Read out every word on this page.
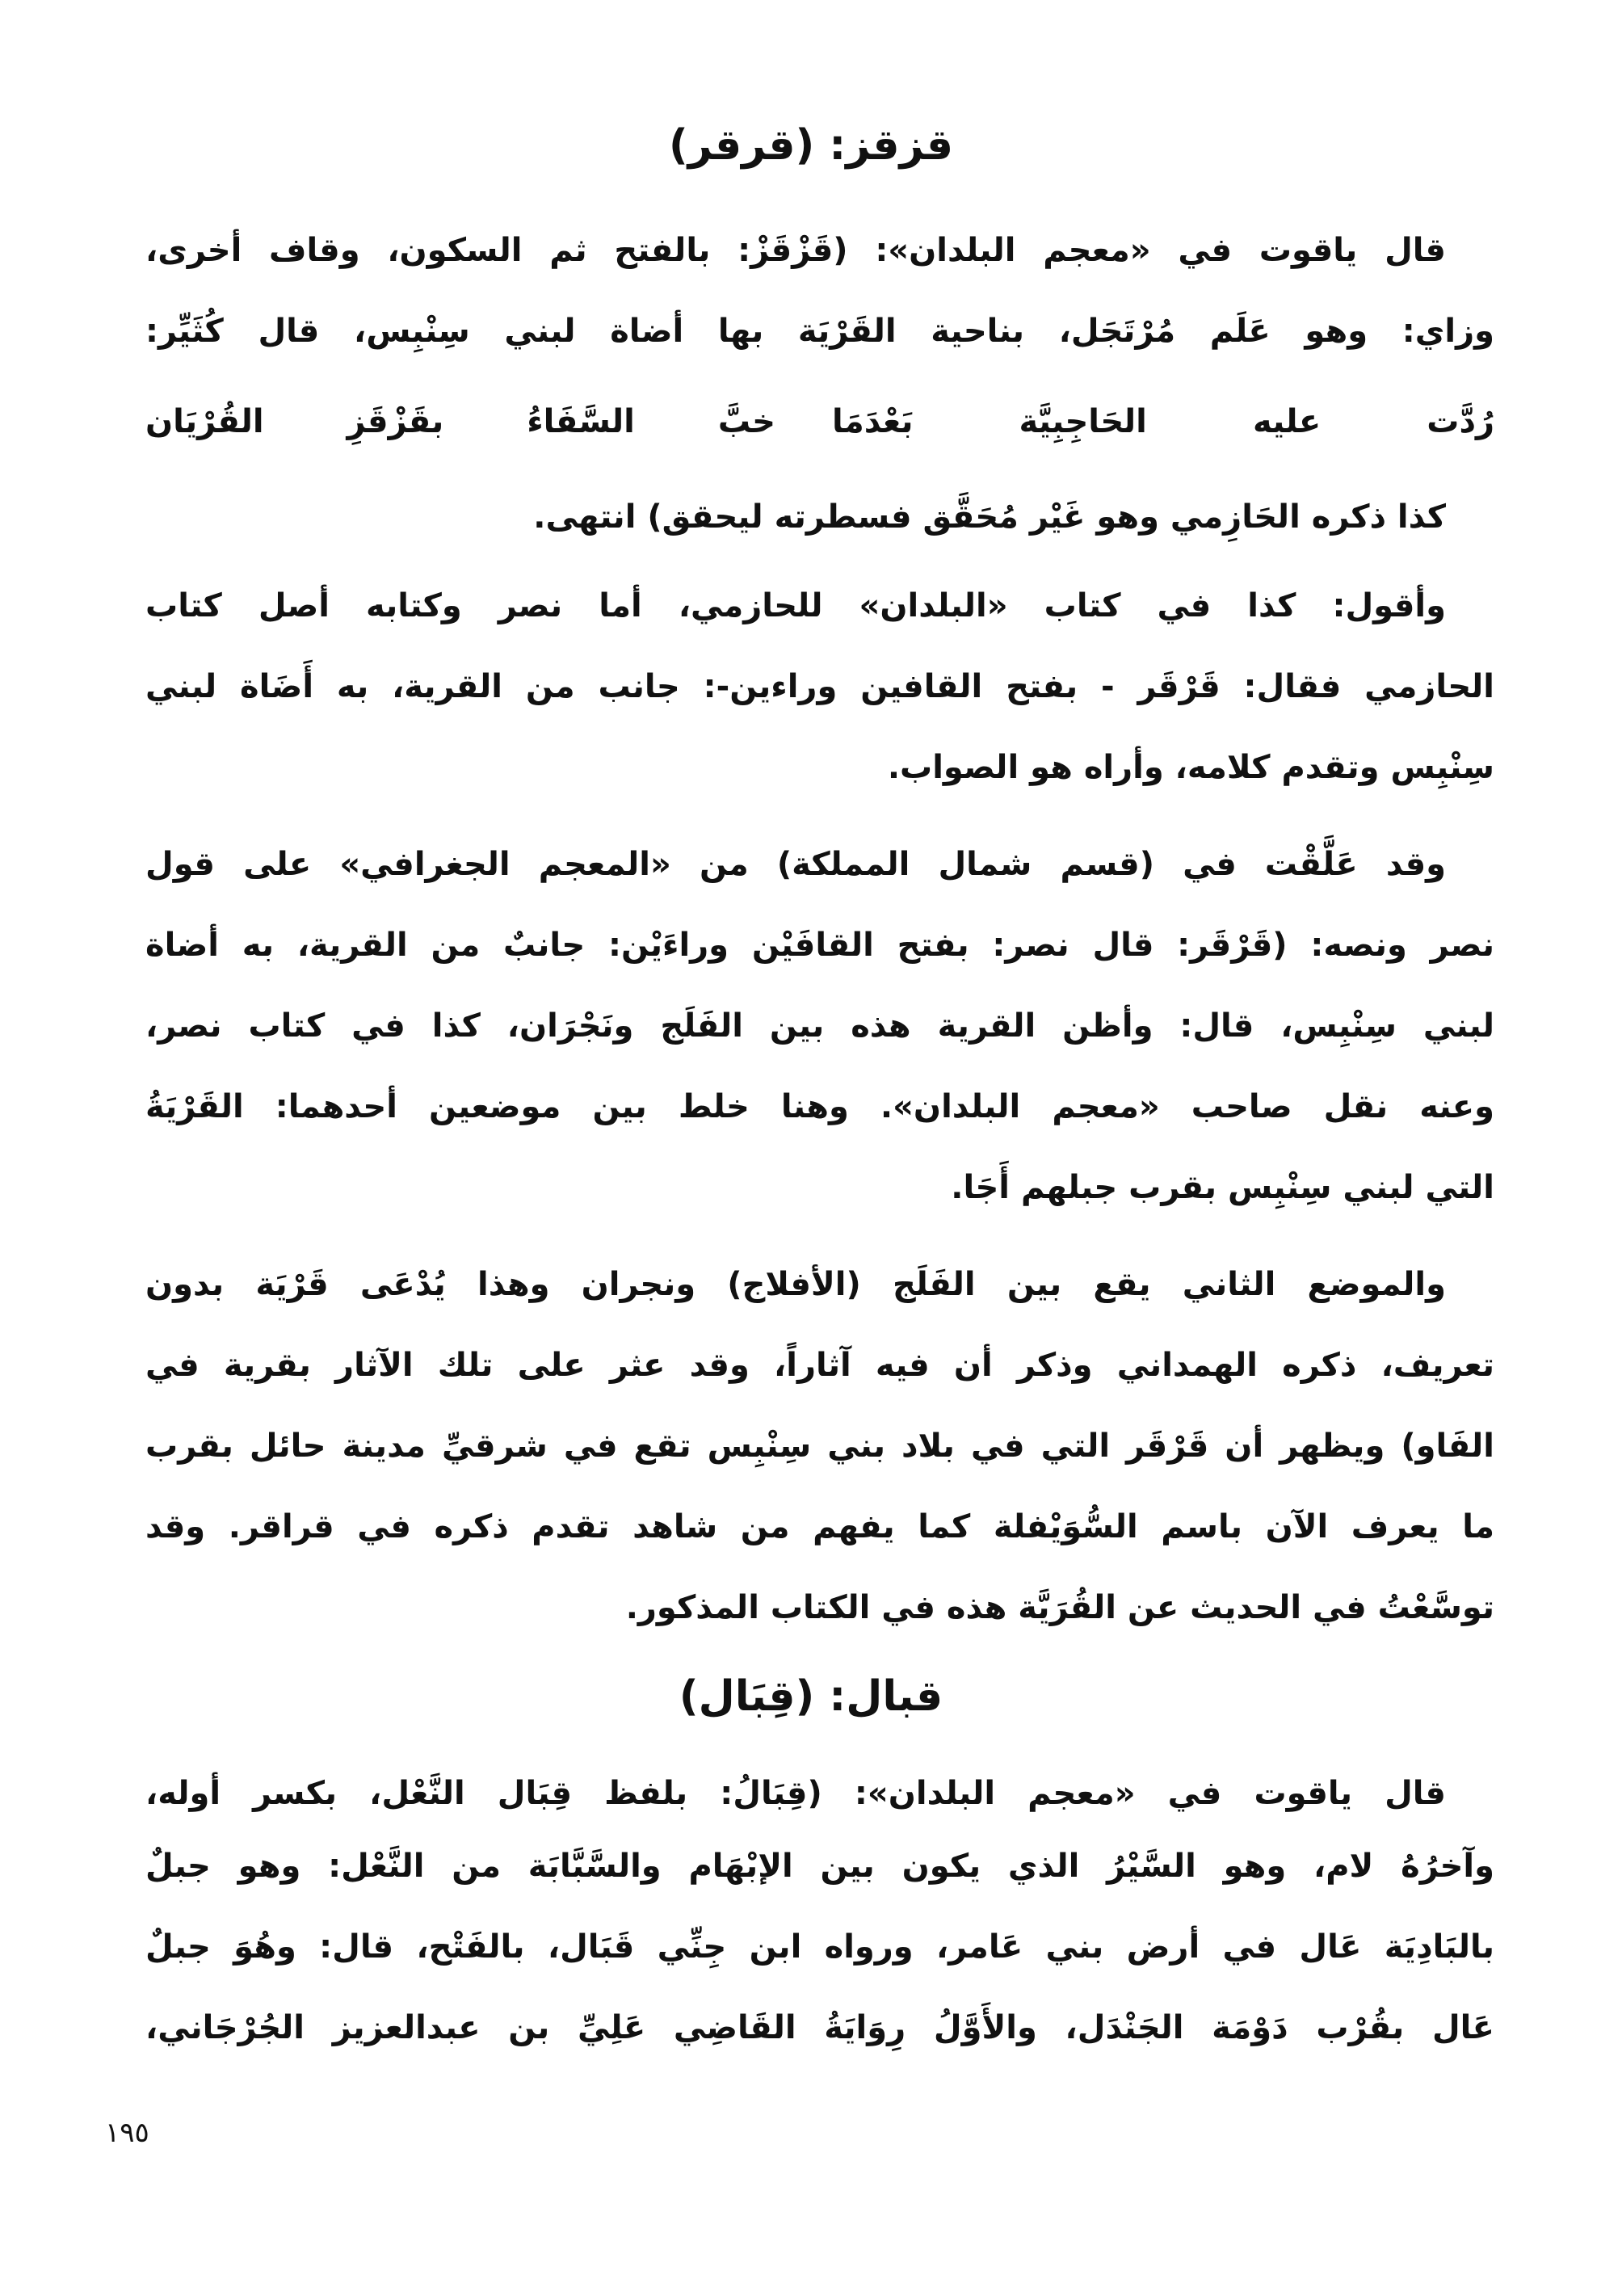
قزقز: (قرقر)
قال ياقوت في «معجم البلدان»: (قَزْقَزْ: بالفتح ثم السكون، وقاف أخرى،
وزاي: وهو عَلَم مُرْتَجَل، بناحية القَرْيَة بها أضاة لبني سِنْبِس، قال كُثَيِّر:
رُدَّت عليه الحَاجِبِيَّة بَعْدَمَا
خبَّ السَّفَاءُ بقَزْقَزِ القُرْيَان
كذا ذكره الحَازِمي وهو غَيْر مُحَقَّق فسطرته ليحقق) انتهى.
وأقول: كذا في كتاب «البلدان» للحازمي، أما نصر وكتابه أصل كتاب
الحازمي فقال: قَرْقَر - بفتح القافين وراءين-: جانب من القرية، به أَضَاة لبني
سِنْبِس وتقدم كلامه، وأراه هو الصواب.
وقد عَلَّقْت في (قسم شمال المملكة) من «المعجم الجغرافي» على قول
نصر ونصه: (قَرْقَر: قال نصر: بفتح القافَيْن وراءَيْن: جانبٌ من القرية، به أضاة
لبني سِنْبِس، قال: وأظن القرية هذه بين الفَلَج ونَجْرَان، كذا في كتاب نصر،
وعنه نقل صاحب «معجم البلدان». وهنا خلط بين موضعين أحدهما: القَرْيَةُ
التي لبني سِنْبِس بقرب جبلهم أَجَا.
والموضع الثاني يقع بين الفَلَج (الأفلاج) ونجران وهذا يُدْعَى قَرْيَة بدون
تعريف، ذكره الهمداني وذكر أن فيه آثاراً، وقد عثر على تلك الآثار بقرية في
الفَاو) ويظهر أن قَرْقَر التي في بلاد بني سِنْبِس تقع في شرقيِّ مدينة حائل بقرب
ما يعرف الآن باسم السُّوَيْفلة كما يفهم من شاهد تقدم ذكره في قراقر. وقد
توسَّعْتُ في الحديث عن القُرَيَّة هذه في الكتاب المذكور.
قبال: (قِبَال)
قال ياقوت في «معجم البلدان»: (قِبَالُ: بلفظ قِبَال النَّعْل، بكسر أوله،
وآخرُهُ لام، وهو السَّيْرُ الذي يكون بين الإبْهَام والسَّبَّابَة من النَّعْل: وهو جبلٌ
بالبَادِيَة عَال في أرض بني عَامر، ورواه ابن جِنِّي قَبَال، بالفَتْح، قال: وهُوَ جبلٌ
عَال بقُرْب دَوْمَة الجَنْدَل، والأَوَّلُ رِوَايَةُ القَاضِي عَلِيِّ بن عبدالعزيز الجُرْجَاني،
١٩٥
